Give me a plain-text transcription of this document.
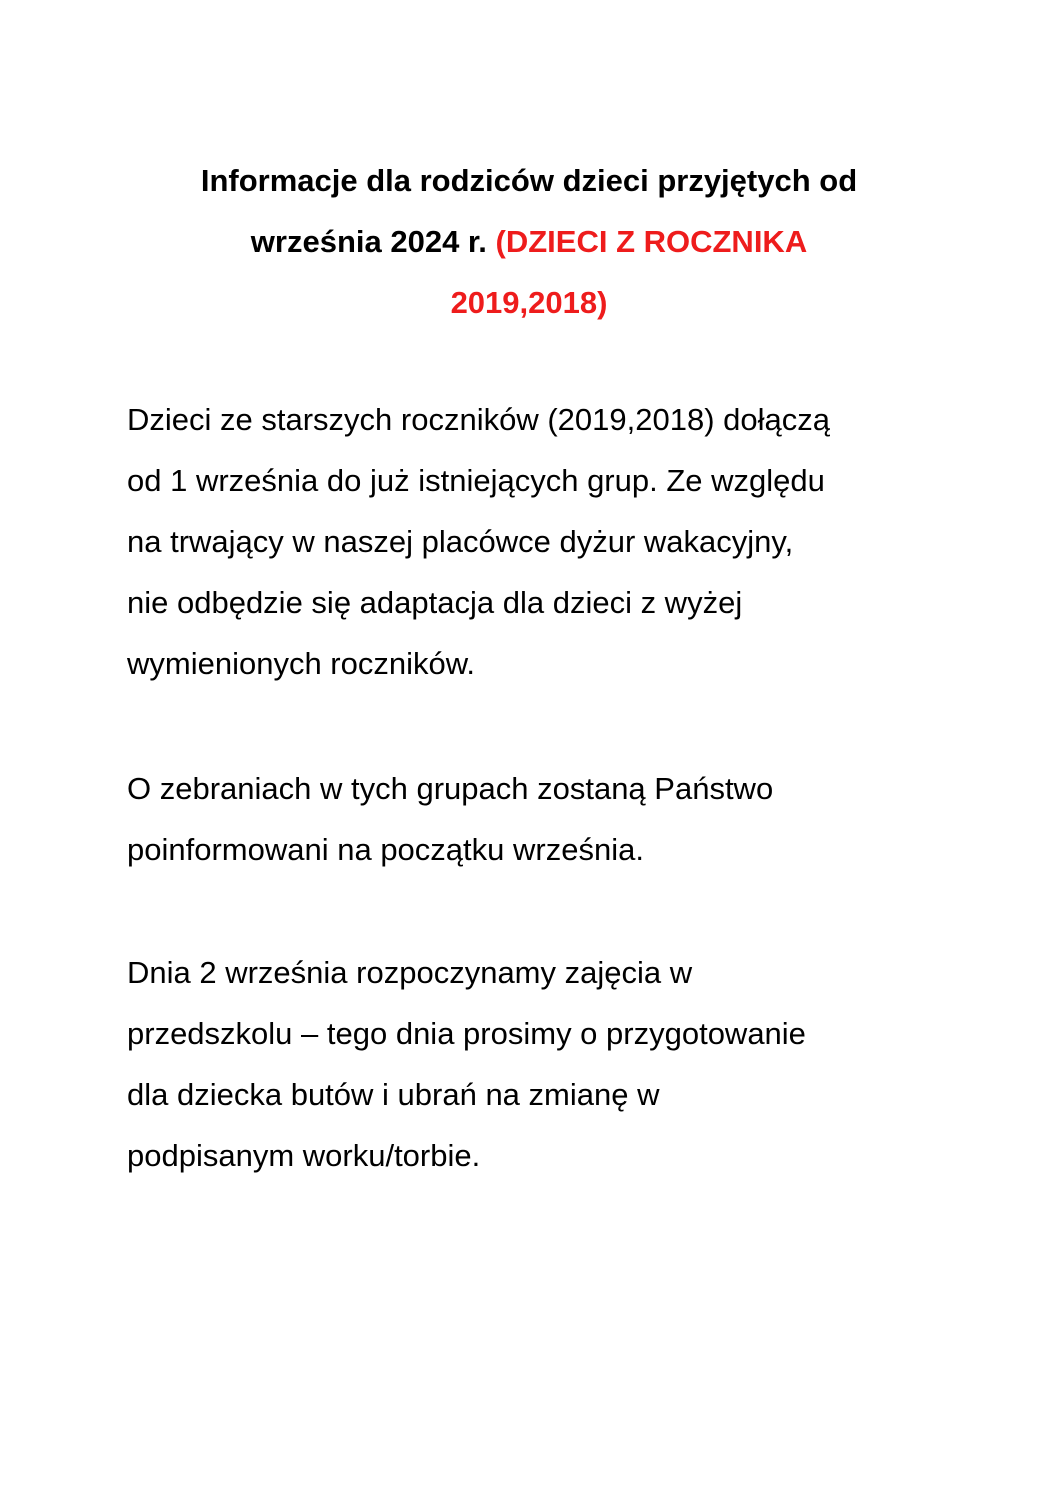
Informacje dla rodziców dzieci przyjętych od
września 2024 r. (DZIECI Z ROCZNIKA
2019,2018)

Dzieci ze starszych roczników (2019,2018) dołączą
od 1 września do już istniejących grup. Ze względu
na trwający w naszej placówce dyżur wakacyjny,
nie odbędzie się adaptacja dla dzieci z wyżej
wymienionych roczników.

O zebraniach w tych grupach zostaną Państwo
poinformowani na początku września.

Dnia 2 września rozpoczynamy zajęcia w
przedszkolu – tego dnia prosimy o przygotowanie
dla dziecka butów i ubrań na zmianę w
podpisanym worku/torbie.
